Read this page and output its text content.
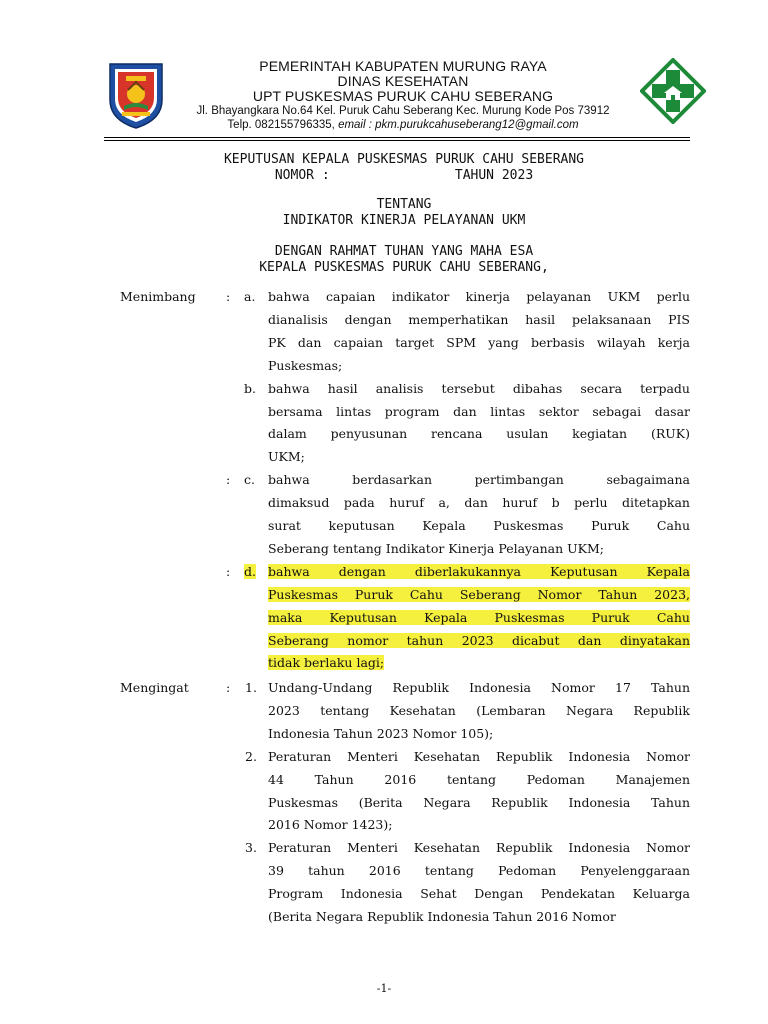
PEMERINTAH KABUPATEN MURUNG RAYA
DINAS KESEHATAN
UPT PUSKESMAS PURUK CAHU SEBERANG
Jl. Bhayangkara No.64 Kel. Puruk Cahu Seberang Kec. Murung Kode Pos 73912
Telp. 082155796335, email : pkm.purukcahuseberang12@gmail.com
KEPUTUSAN KEPALA PUSKESMAS PURUK CAHU SEBERANG
NOMOR :                TAHUN 2023
TENTANG
INDIKATOR KINERJA PELAYANAN UKM
DENGAN RAHMAT TUHAN YANG MAHA ESA
KEPALA PUSKESMAS PURUK CAHU SEBERANG,
Menimbang : a. bahwa capaian indikator kinerja pelayanan UKM perlu
dianalisis dengan memperhatikan hasil pelaksanaan PIS
PK dan capaian target SPM yang berbasis wilayah kerja
Puskesmas;
b. bahwa hasil analisis tersebut dibahas secara terpadu
bersama lintas program dan lintas sektor sebagai dasar
dalam penyusunan rencana usulan kegiatan (RUK)
UKM;
: c. bahwa berdasarkan pertimbangan sebagaimana
dimaksud pada huruf a, dan huruf b perlu ditetapkan
surat keputusan Kepala Puskesmas Puruk Cahu
Seberang tentang Indikator Kinerja Pelayanan UKM;
: d. bahwa dengan diberlakukannya Keputusan Kepala
Puskesmas Puruk Cahu Seberang Nomor Tahun 2023,
maka Keputusan Kepala Puskesmas Puruk Cahu
Seberang nomor tahun 2023 dicabut dan dinyatakan
tidak berlaku lagi;
Mengingat	: 1. Undang-Undang Republik Indonesia Nomor 17 Tahun
2023 tentang Kesehatan (Lembaran Negara Republik
Indonesia Tahun 2023 Nomor 105);
2. Peraturan Menteri Kesehatan Republik Indonesia Nomor
44 Tahun 2016 tentang Pedoman Manajemen
Puskesmas (Berita Negara Republik Indonesia Tahun
2016 Nomor 1423);
3. Peraturan Menteri Kesehatan Republik Indonesia Nomor
39 tahun 2016 tentang Pedoman Penyelenggaraan
Program Indonesia Sehat Dengan Pendekatan Keluarga
(Berita Negara Republik Indonesia Tahun 2016 Nomor
-1-
